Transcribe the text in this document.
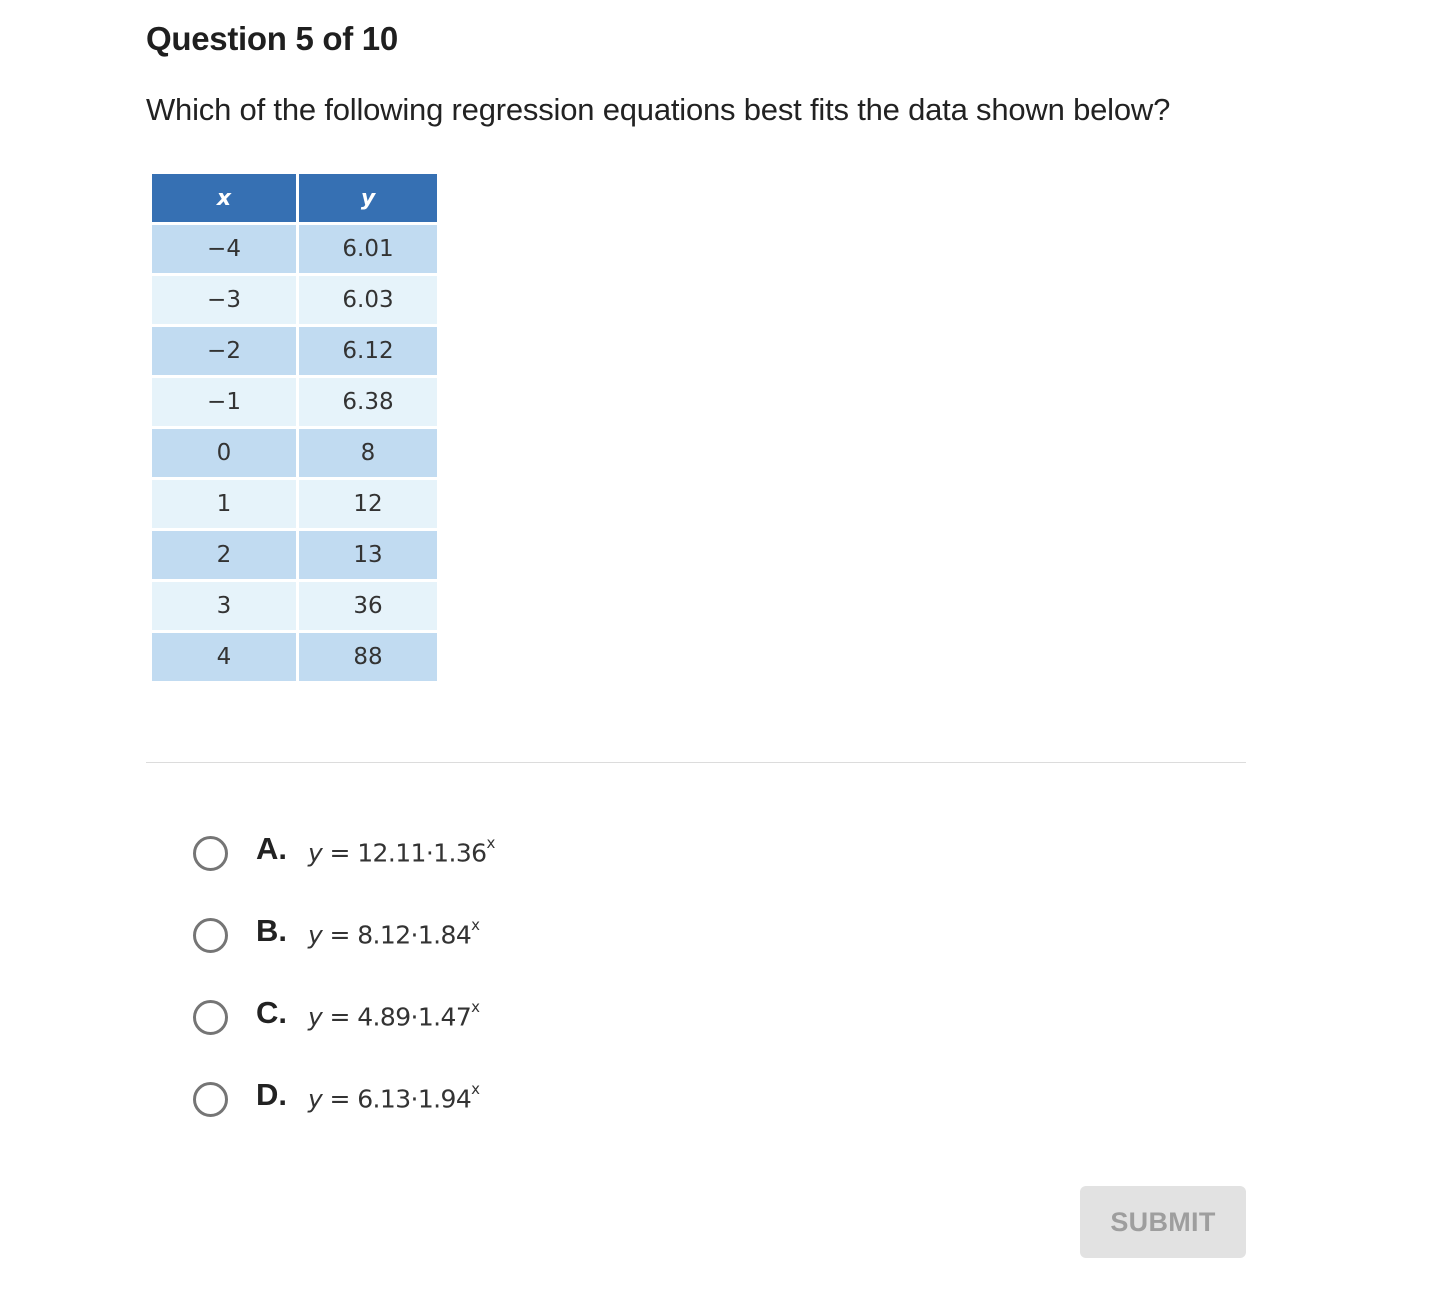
Question 5 of 10
Which of the following regression equations best fits the data shown below?
x	y
−4	6.01
−3	6.03
−2	6.12
−1	6.38
0	8
1	12
2	13
3	36
4	88
A. $y = 12.11\cdot 1.36^x$
B. $y = 8.12\cdot 1.84^x$
C. $y = 4.89\cdot 1.47^x$
D. $y = 6.13\cdot 1.94^x$
SUBMIT
